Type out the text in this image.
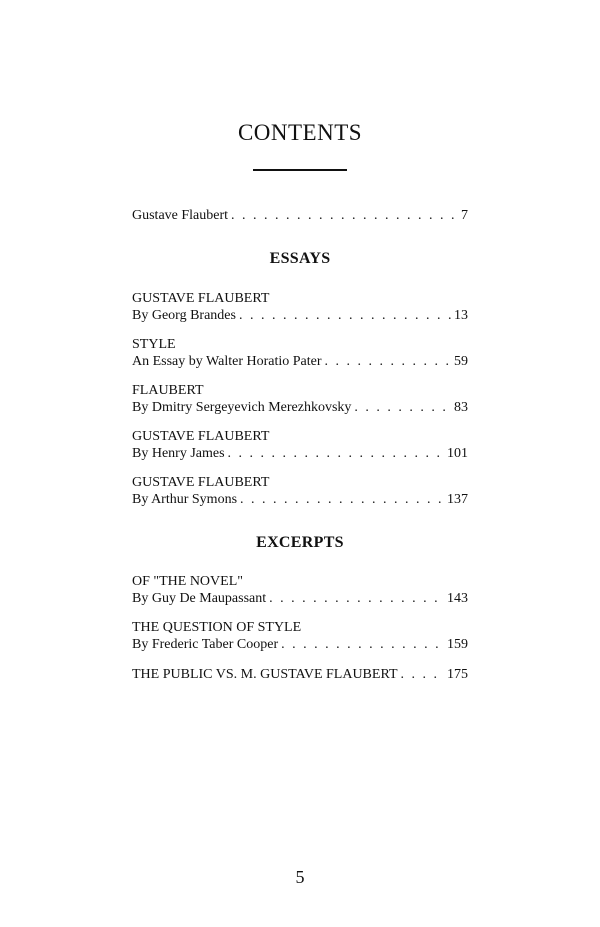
CONTENTS
Gustave Flaubert . . .	7
ESSAYS
GUSTAVE FLAUBERT
By Georg Brandes . . .	13
STYLE
An Essay by Walter Horatio Pater . . .	59
FLAUBERT
By Dmitry Sergeyevich Merezhkovsky . . .	83
GUSTAVE FLAUBERT
By Henry James . . .	101
GUSTAVE FLAUBERT
By Arthur Symons . . .	137
EXCERPTS
OF "THE NOVEL"
By Guy De Maupassant . . .	143
THE QUESTION OF STYLE
By Frederic Taber Cooper . . .	159
THE PUBLIC VS. M. GUSTAVE FLAUBERT . . .	175
5
